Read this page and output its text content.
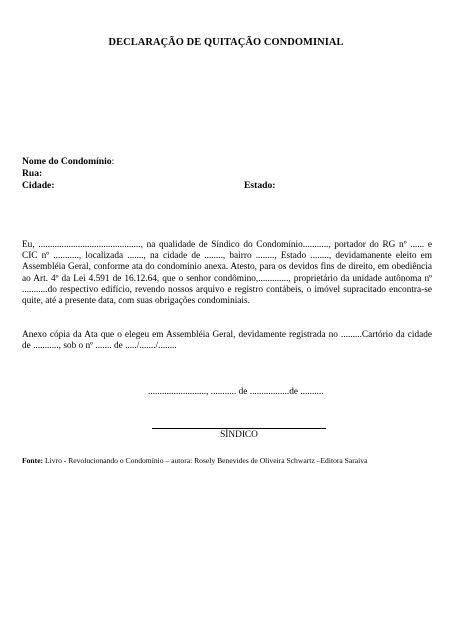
DECLARAÇÃO DE QUITAÇÃO CONDOMINIAL
Nome do Condomínio:
Rua:
Cidade:	Estado:

Eu, ............................................, na qualidade de Síndico do Condomínio..........., portador do RG nº ...... e CIC nº ..........., localizada ......., na cidade de ........, bairro ........, Estado ........, devidamanente eleito em Assembléia Geral, conforme ata do condomínio anexa. Atesto, para os devidos fins de direito, em obediência ao Art. 4º da Lei 4.591 de 16.12.64, que o senhor condômino,............., proprietário da unidade autônoma nº ...........do respectivo edifício, revendo nossos arquivo e registro contábeis, o imóvel supracitado encontra-se quite, até a presente data, com suas obrigações condominiais.

Anexo cópia da Ata que o elegeu em Assembléia Geral, devidamente registrada no .........Cartório da cidade de ..........., sob o nº ....... de ...../......./........

........................., ........... de .................de ..........
SÍNDICO
Fonte: Livro - Revolucionando o Condomínio – autora: Rosely Benevides de Oliveira Schwartz –Editora Saraiva
